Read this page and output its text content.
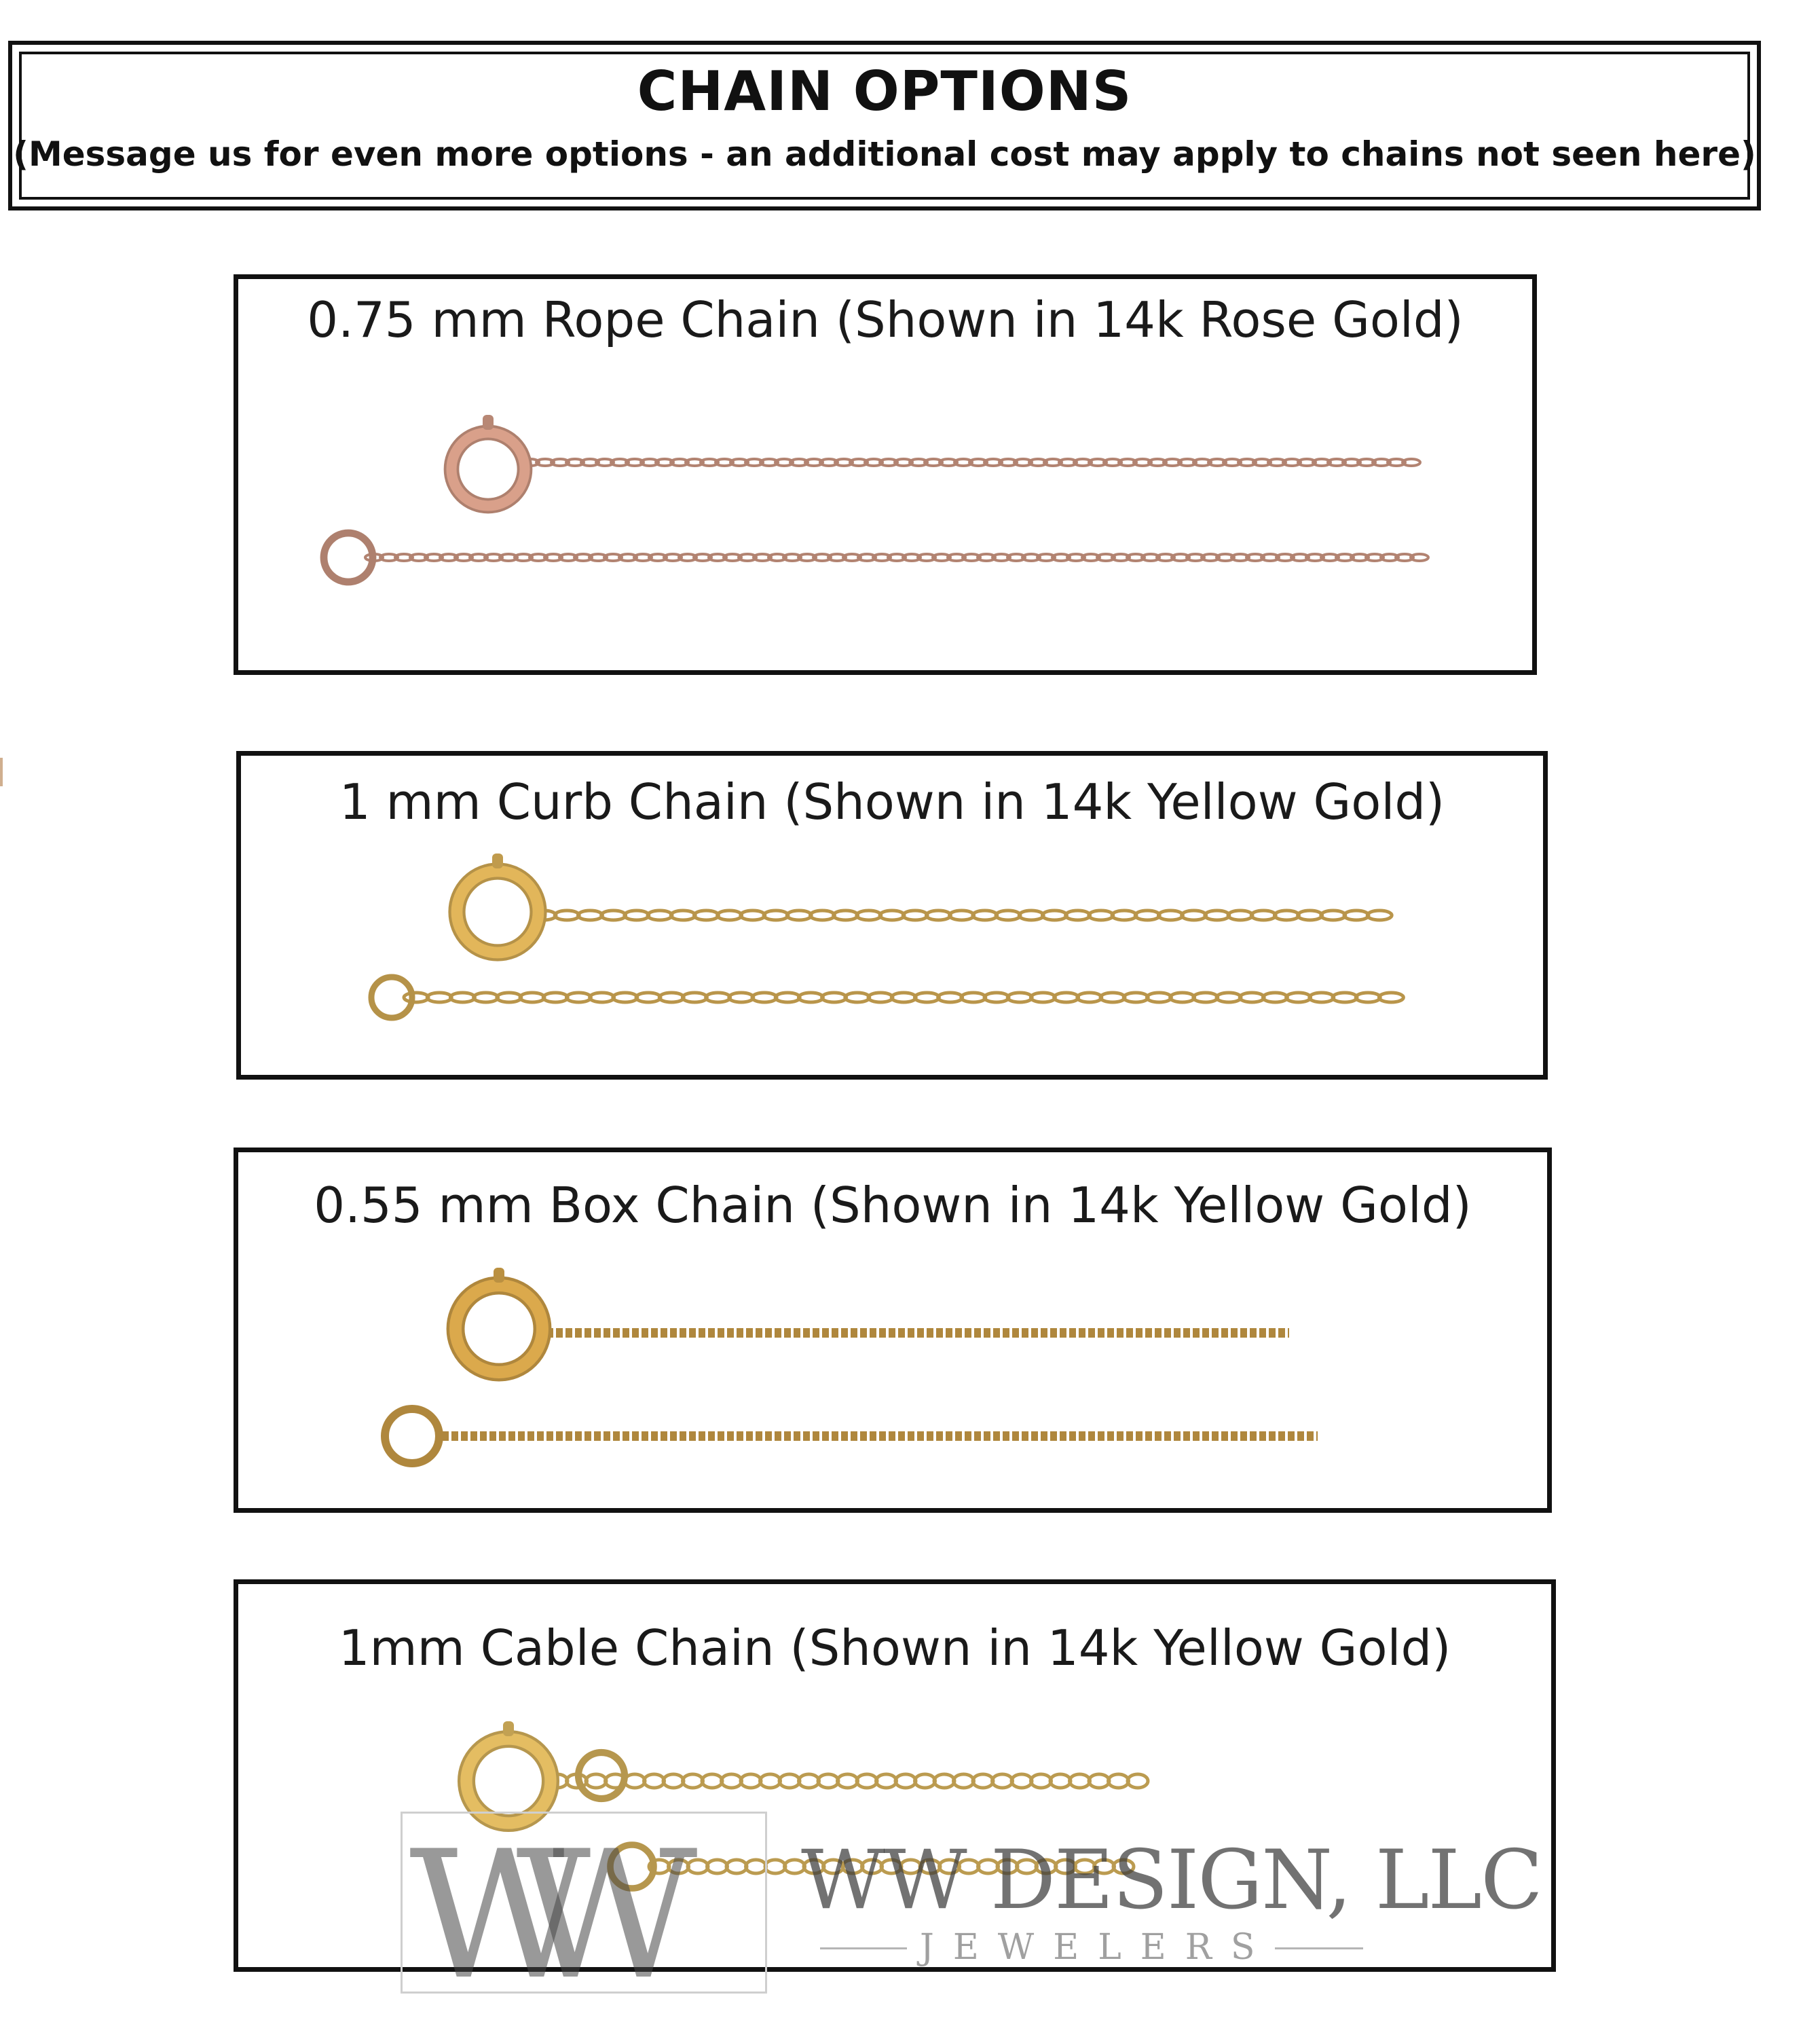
CHAIN OPTIONS
(Message us for even more options - an additional cost may apply to chains not seen here)
0.75 mm Rope Chain (Shown in 14k Rose Gold)
1 mm Curb Chain (Shown in 14k Yellow Gold)
0.55 mm Box Chain (Shown in 14k Yellow Gold)
1mm Cable Chain (Shown in 14k Yellow Gold)
WW	WW DESIGN, LLC
JEWELERS
